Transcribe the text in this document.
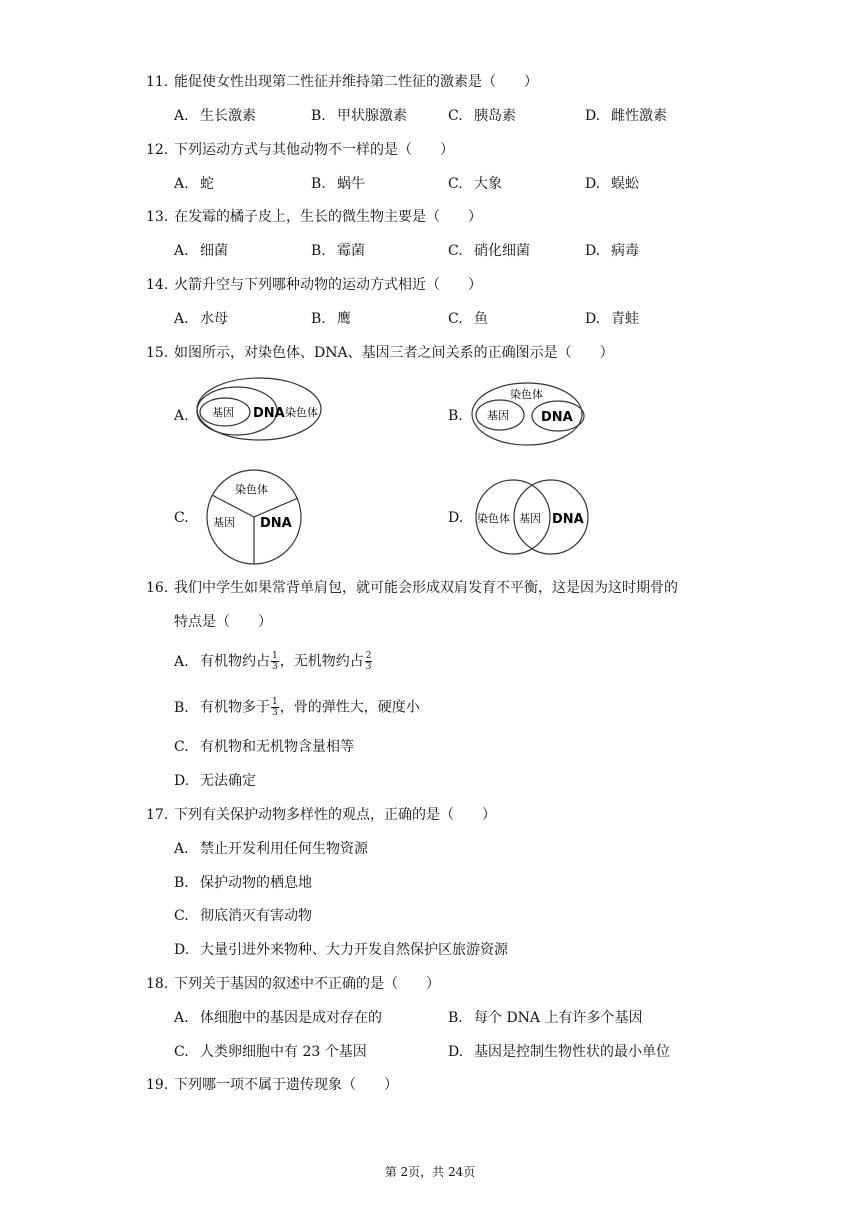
11. 能促使女性出现第二性征并维持第二性征的激素是（　　）
A. 生长激素	B. 甲状腺激素	C. 胰岛素	D. 雌性激素
12. 下列运动方式与其他动物不一样的是（　　）
A. 蛇	B. 蜗牛	C. 大象	D. 蜈蚣
13. 在发霉的橘子皮上，生长的微生物主要是（　　）
A. 细菌	B. 霉菌	C. 硝化细菌	D. 病毒
14. 火箭升空与下列哪种动物的运动方式相近（　　）
A. 水母	B. 鹰	C. 鱼	D. 青蛙
15. 如图所示，对染色体、DNA、基因三者之间关系的正确图示是（　　）
A.	B.
C.	D.
基因 DNA 染色体
染色体
基因 DNA
染色体
基因 DNA	染色体 基因 DNA
16. 我们中学生如果常背单肩包，就可能会形成双肩发育不平衡，这是因为这时期骨的
特点是（　　）
A. 有机物约占 $\frac{1}{3}$ ，无机物约占 $\frac{2}{3}$
B. 有机物多于 $\frac{1}{3}$ ，骨的弹性大，硬度小
C. 有机物和无机物含量相等
D. 无法确定
17. 下列有关保护动物多样性的观点，正确的是（　　）
A. 禁止开发利用任何生物资源
B. 保护动物的栖息地
C. 彻底消灭有害动物
D. 大量引进外来物种、大力开发自然保护区旅游资源
18. 下列关于基因的叙述中不正确的是（　　）
A. 体细胞中的基因是成对存在的	B. 每个 DNA 上有许多个基因
C. 人类卵细胞中有 23 个基因	D. 基因是控制生物性状的最小单位
19. 下列哪一项不属于遗传现象（　　）
第 2页，共 24页
